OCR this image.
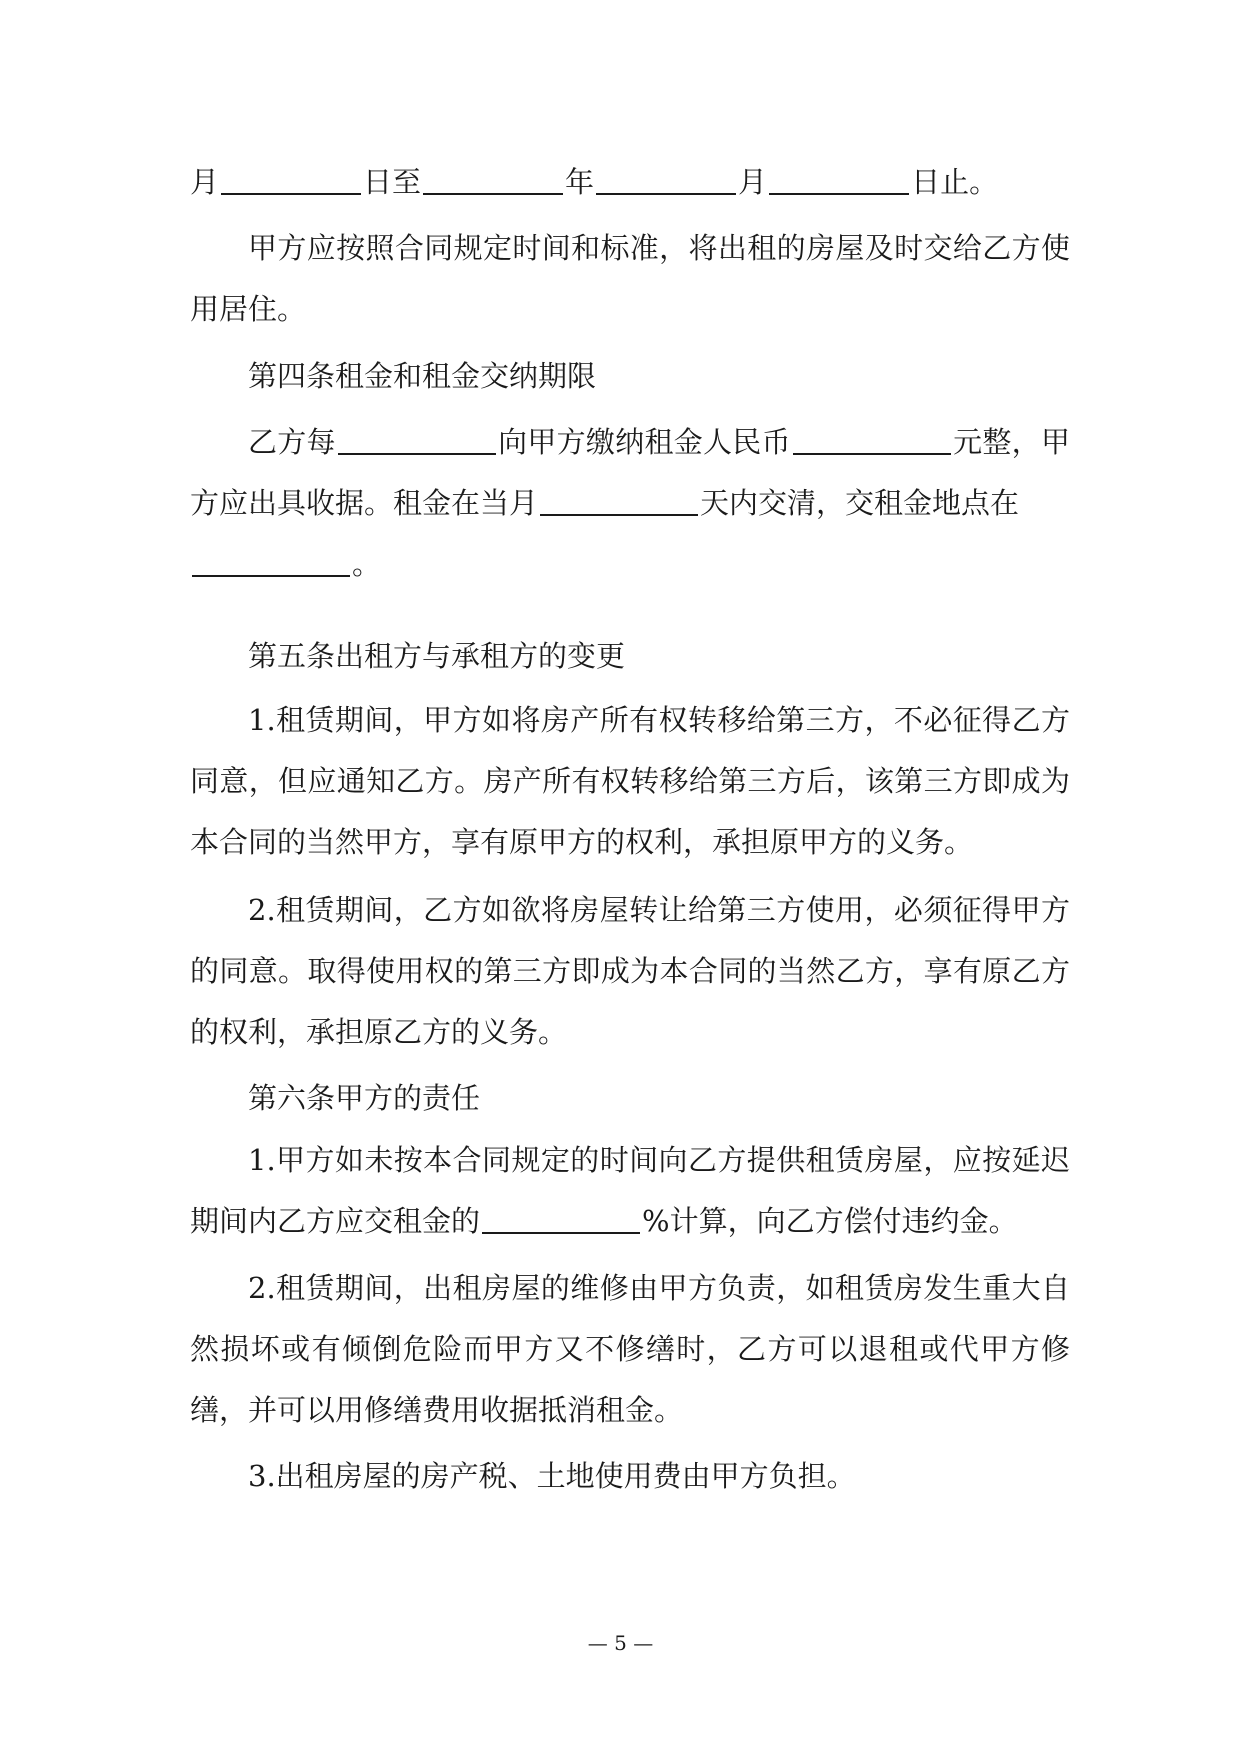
月	日至	年	月	日止。

甲方应按照合同规定时间和标准，将出租的房屋及时交给乙方使用居住。

第四条租金和租金交纳期限

乙方每	向甲方缴纳租金人民币	元整，甲方应出具收据。租金在当月	天内交清，交租金地点在
。

第五条出租方与承租方的变更

1.租赁期间，甲方如将房产所有权转移给第三方，不必征得乙方同意，但应通知乙方。房产所有权转移给第三方后，该第三方即成为本合同的当然甲方，享有原甲方的权利，承担原甲方的义务。

2.租赁期间，乙方如欲将房屋转让给第三方使用，必须征得甲方的同意。取得使用权的第三方即成为本合同的当然乙方，享有原乙方的权利，承担原乙方的义务。

第六条甲方的责任

1.甲方如未按本合同规定的时间向乙方提供租赁房屋，应按延迟期间内乙方应交租金的	%计算，向乙方偿付违约金。

2.租赁期间，出租房屋的维修由甲方负责，如租赁房发生重大自然损坏或有倾倒危险而甲方又不修缮时，乙方可以退租或代甲方修缮，并可以用修缮费用收据抵消租金。

3.出租房屋的房产税、土地使用费由甲方负担。

— 5 —
